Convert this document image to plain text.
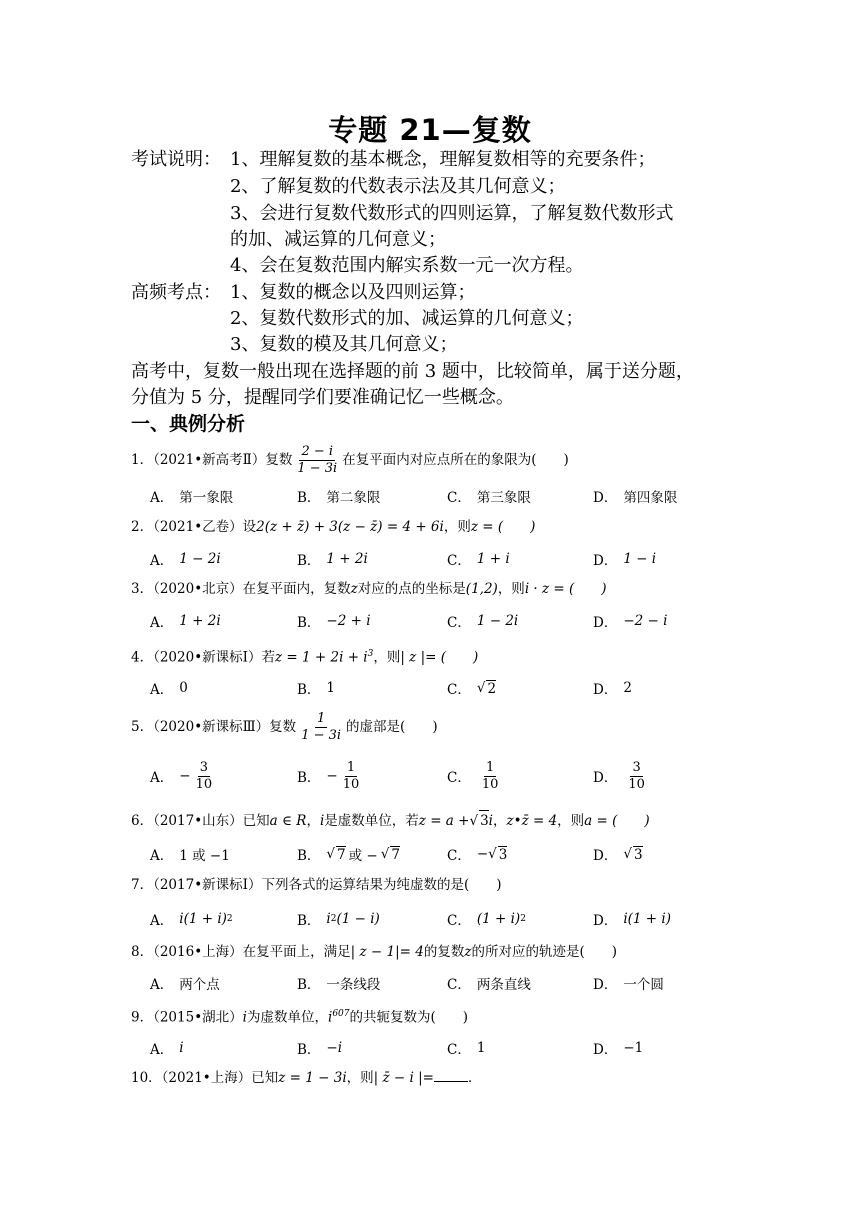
专题 21—复数
考试说明： 1、理解复数的基本概念，理解复数相等的充要条件；
2、了解复数的代数表示法及其几何意义；
3、会进行复数代数形式的四则运算，了解复数代数形式
的加、减运算的几何意义；
4、会在复数范围内解实系数一元一次方程。
高频考点： 1、复数的概念以及四则运算；
2、复数代数形式的加、减运算的几何意义；
3、复数的模及其几何意义；
高考中，复数一般出现在选择题的前 3 题中，比较简单，属于送分题，
分值为 5 分，提醒同学们要准确记忆一些概念。
一、典例分析
1．（2021•新高考Ⅱ）复数 $\frac{2 - i}{1 - 3i}$ 在复平面内对应点所在的象限为(　　)
A． 第一象限	B． 第二象限	C． 第三象限	D． 第四象限
2．（2021•乙卷）设2(z + z̄) + 3(z − z̄) = 4 + 6i，则z = (　　)
A． 1 − 2i	B． 1 + 2i	C． 1 + i	D． 1 − i
3．（2020•北京）在复平面内，复数z对应的点的坐标是(1,2)，则i · z = (　　)
A． 1 + 2i	B． −2 + i	C． 1 − 2i	D． −2 − i
4．（2020•新课标Ⅰ）若$z = 1 + 2i + i^3$，则| z |= (　　)
A． 0	B． 1	C． √ 2	D． 2
5．（2020•新课标Ⅲ）复数 $\frac{1}{1 - 3i}$ 的虚部是(　　)
A． − $\frac{3}{10}$	B． − $\frac{1}{10}$	C． $\frac{1}{10}$	D． $\frac{3}{10}$
6．（2017•山东）已知a ∈ R，i是虚数单位，若z = a +√ 3i，z•z̄ = 4，则a = (　　)
A． 1 或 −1	B． √ 7 或 − √ 7	C． − √ 3	D． √ 3
7．（2017•新课标Ⅰ）下列各式的运算结果为纯虚数的是(　　)
A． i(1 + i) 2	B． i 2 (1 − i)	C． (1 + i) 2	D． i(1 + i)
8．（2016•上海）在复平面上，满足| z − 1|= 4的复数z的所对应的轨迹是(　　)
A． 两个点	B． 一条线段	C． 两条直线	D． 一个圆
9．（2015•湖北）i为虚数单位，$i^{607}$的共轭复数为(　　)
A． i	B． −i	C． 1	D． −1
10．（2021•上海）已知z = 1 − 3i，则| z̄ − i |=	．
